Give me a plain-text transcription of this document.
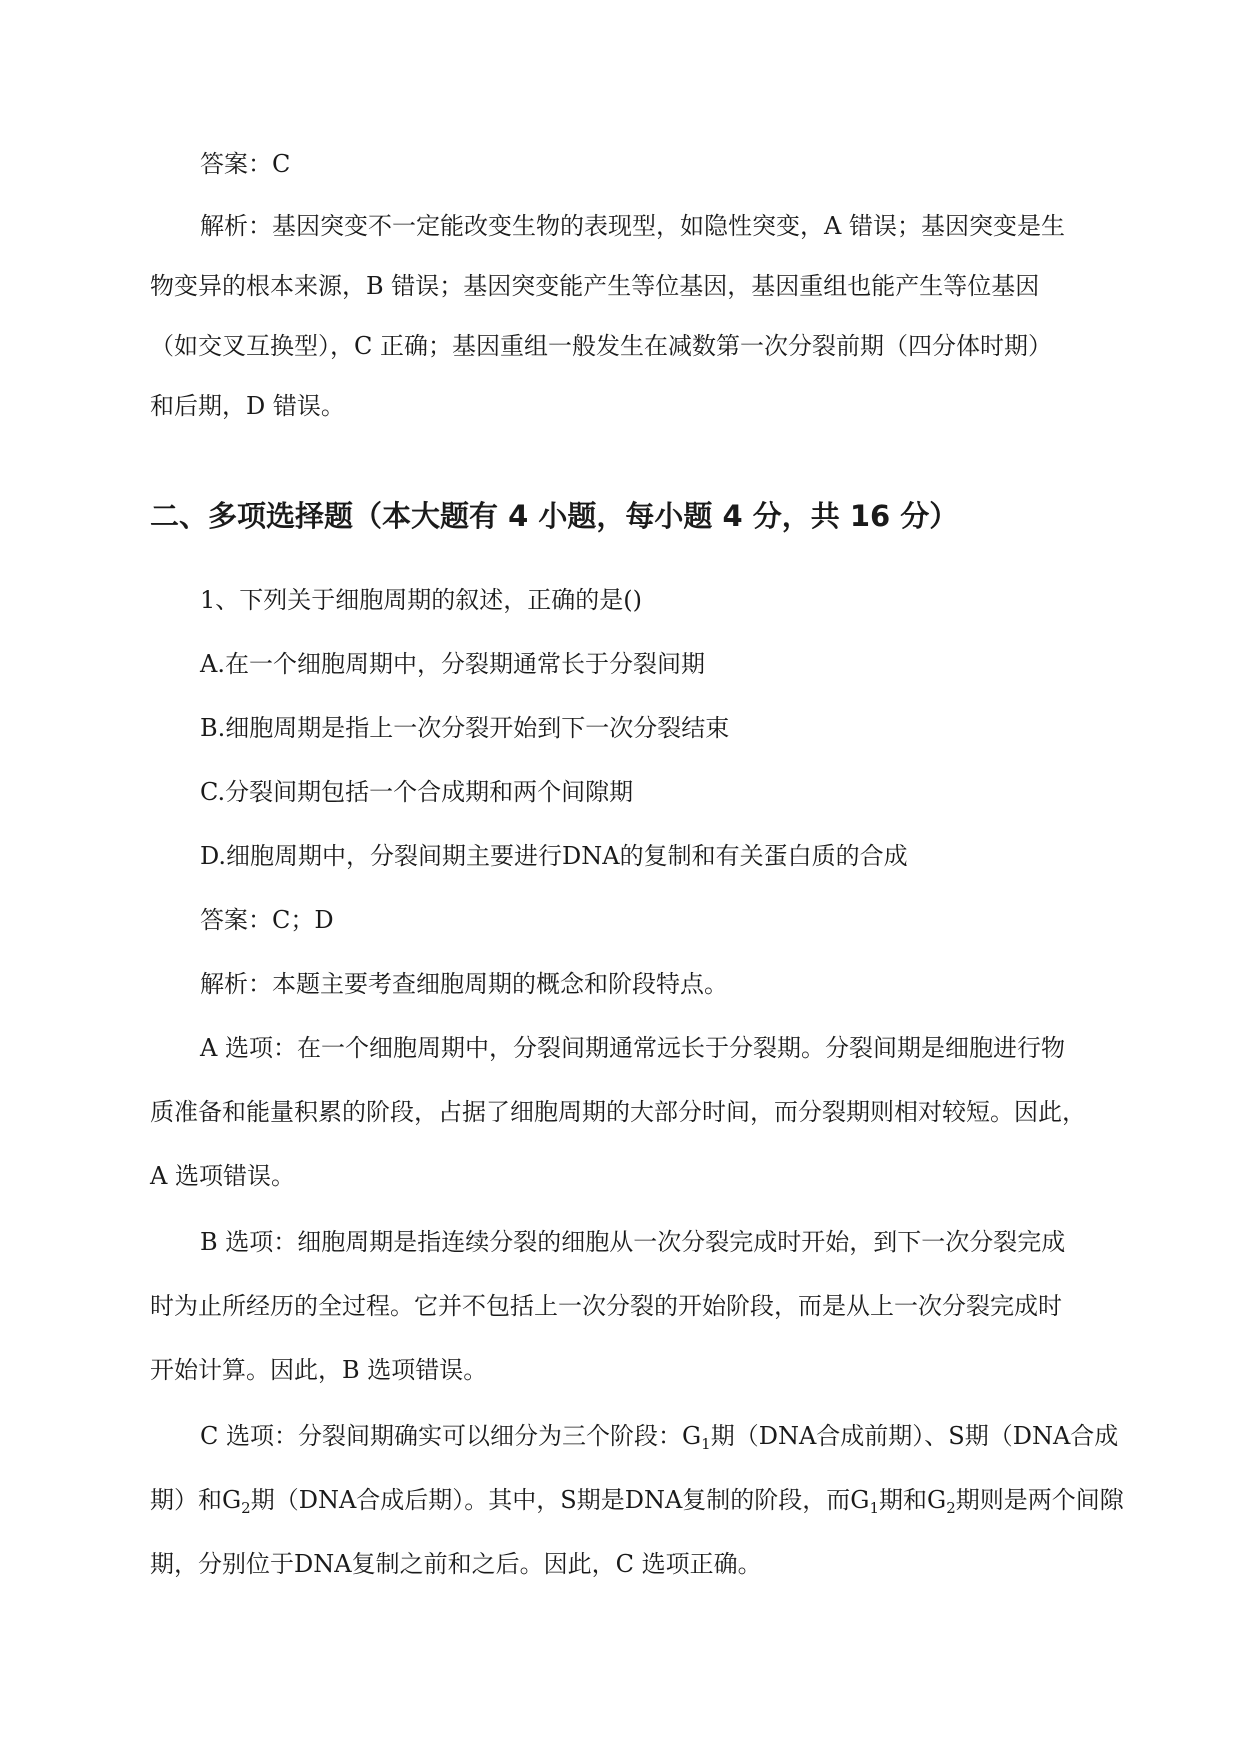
答案：C
解析：基因突变不一定能改变生物的表现型，如隐性突变，A 错误；基因突变是生
物变异的根本来源，B 错误；基因突变能产生等位基因，基因重组也能产生等位基因
（如交叉互换型），C 正确；基因重组一般发生在减数第一次分裂前期（四分体时期）
和后期，D 错误。
二、多项选择题（本大题有 4 小题，每小题 4 分，共 16 分）
1、下列关于细胞周期的叙述，正确的是()
A.在一个细胞周期中，分裂期通常长于分裂间期
B.细胞周期是指上一次分裂开始到下一次分裂结束
C.分裂间期包括一个合成期和两个间隙期
D.细胞周期中，分裂间期主要进行DNA的复制和有关蛋白质的合成
答案：C；D
解析：本题主要考查细胞周期的概念和阶段特点。
A 选项：在一个细胞周期中，分裂间期通常远长于分裂期。分裂间期是细胞进行物
质准备和能量积累的阶段，占据了细胞周期的大部分时间，而分裂期则相对较短。因此，
A 选项错误。
B 选项：细胞周期是指连续分裂的细胞从一次分裂完成时开始，到下一次分裂完成
时为止所经历的全过程。它并不包括上一次分裂的开始阶段，而是从上一次分裂完成时
开始计算。因此，B 选项错误。
C 选项：分裂间期确实可以细分为三个阶段：$G_1$期（DNA合成前期）、S期（DNA合成
期）和$G_2$期（DNA合成后期）。其中，S期是DNA复制的阶段，而$G_1$期和$G_2$期则是两个间隙
期，分别位于DNA复制之前和之后。因此，C 选项正确。
